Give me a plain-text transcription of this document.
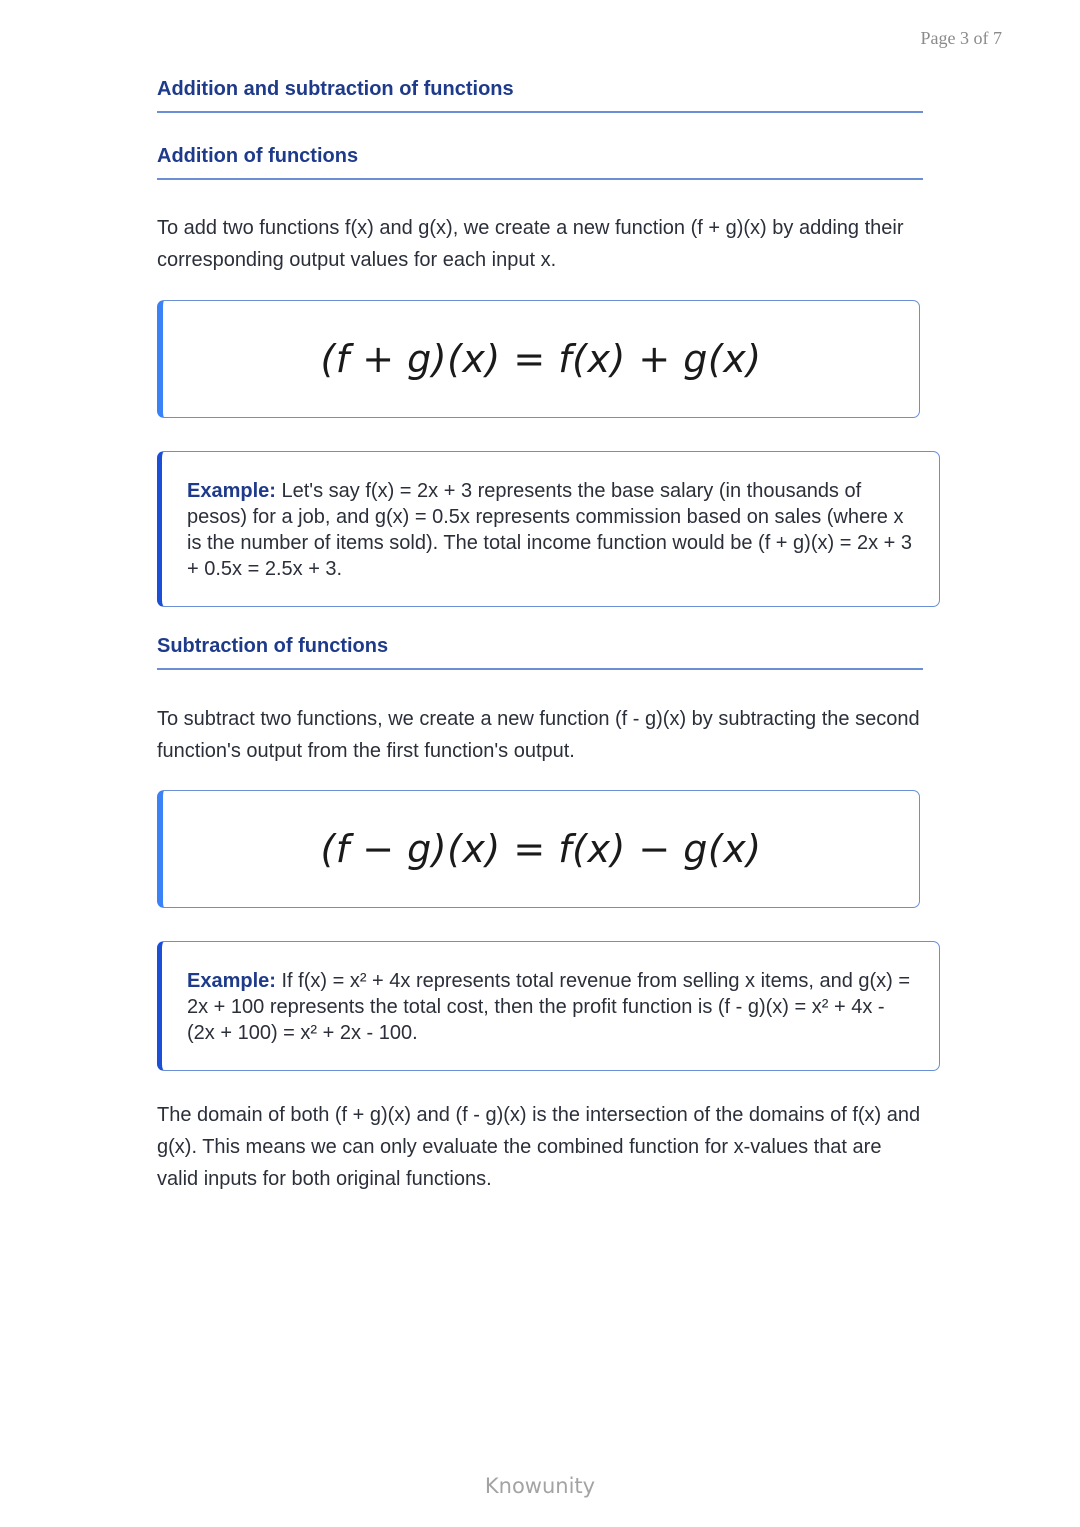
Page 3 of 7
Addition and subtraction of functions
Addition of functions
To add two functions f(x) and g(x), we create a new function (f + g)(x) by adding their corresponding output values for each input x.
(f + g)(x) = f(x) + g(x)
Example: Let's say f(x) = 2x + 3 represents the base salary (in thousands of pesos) for a job, and g(x) = 0.5x represents commission based on sales (where x is the number of items sold). The total income function would be (f + g)(x) = 2x + 3 + 0.5x = 2.5x + 3.
Subtraction of functions
To subtract two functions, we create a new function (f - g)(x) by subtracting the second function's output from the first function's output.
(f − g)(x) = f(x) − g(x)
Example: If f(x) = x² + 4x represents total revenue from selling x items, and g(x) = 2x + 100 represents the total cost, then the profit function is (f - g)(x) = x² + 4x - (2x + 100) = x² + 2x - 100.
The domain of both (f + g)(x) and (f - g)(x) is the intersection of the domains of f(x) and g(x). This means we can only evaluate the combined function for x-values that are valid inputs for both original functions.
Knowunity
